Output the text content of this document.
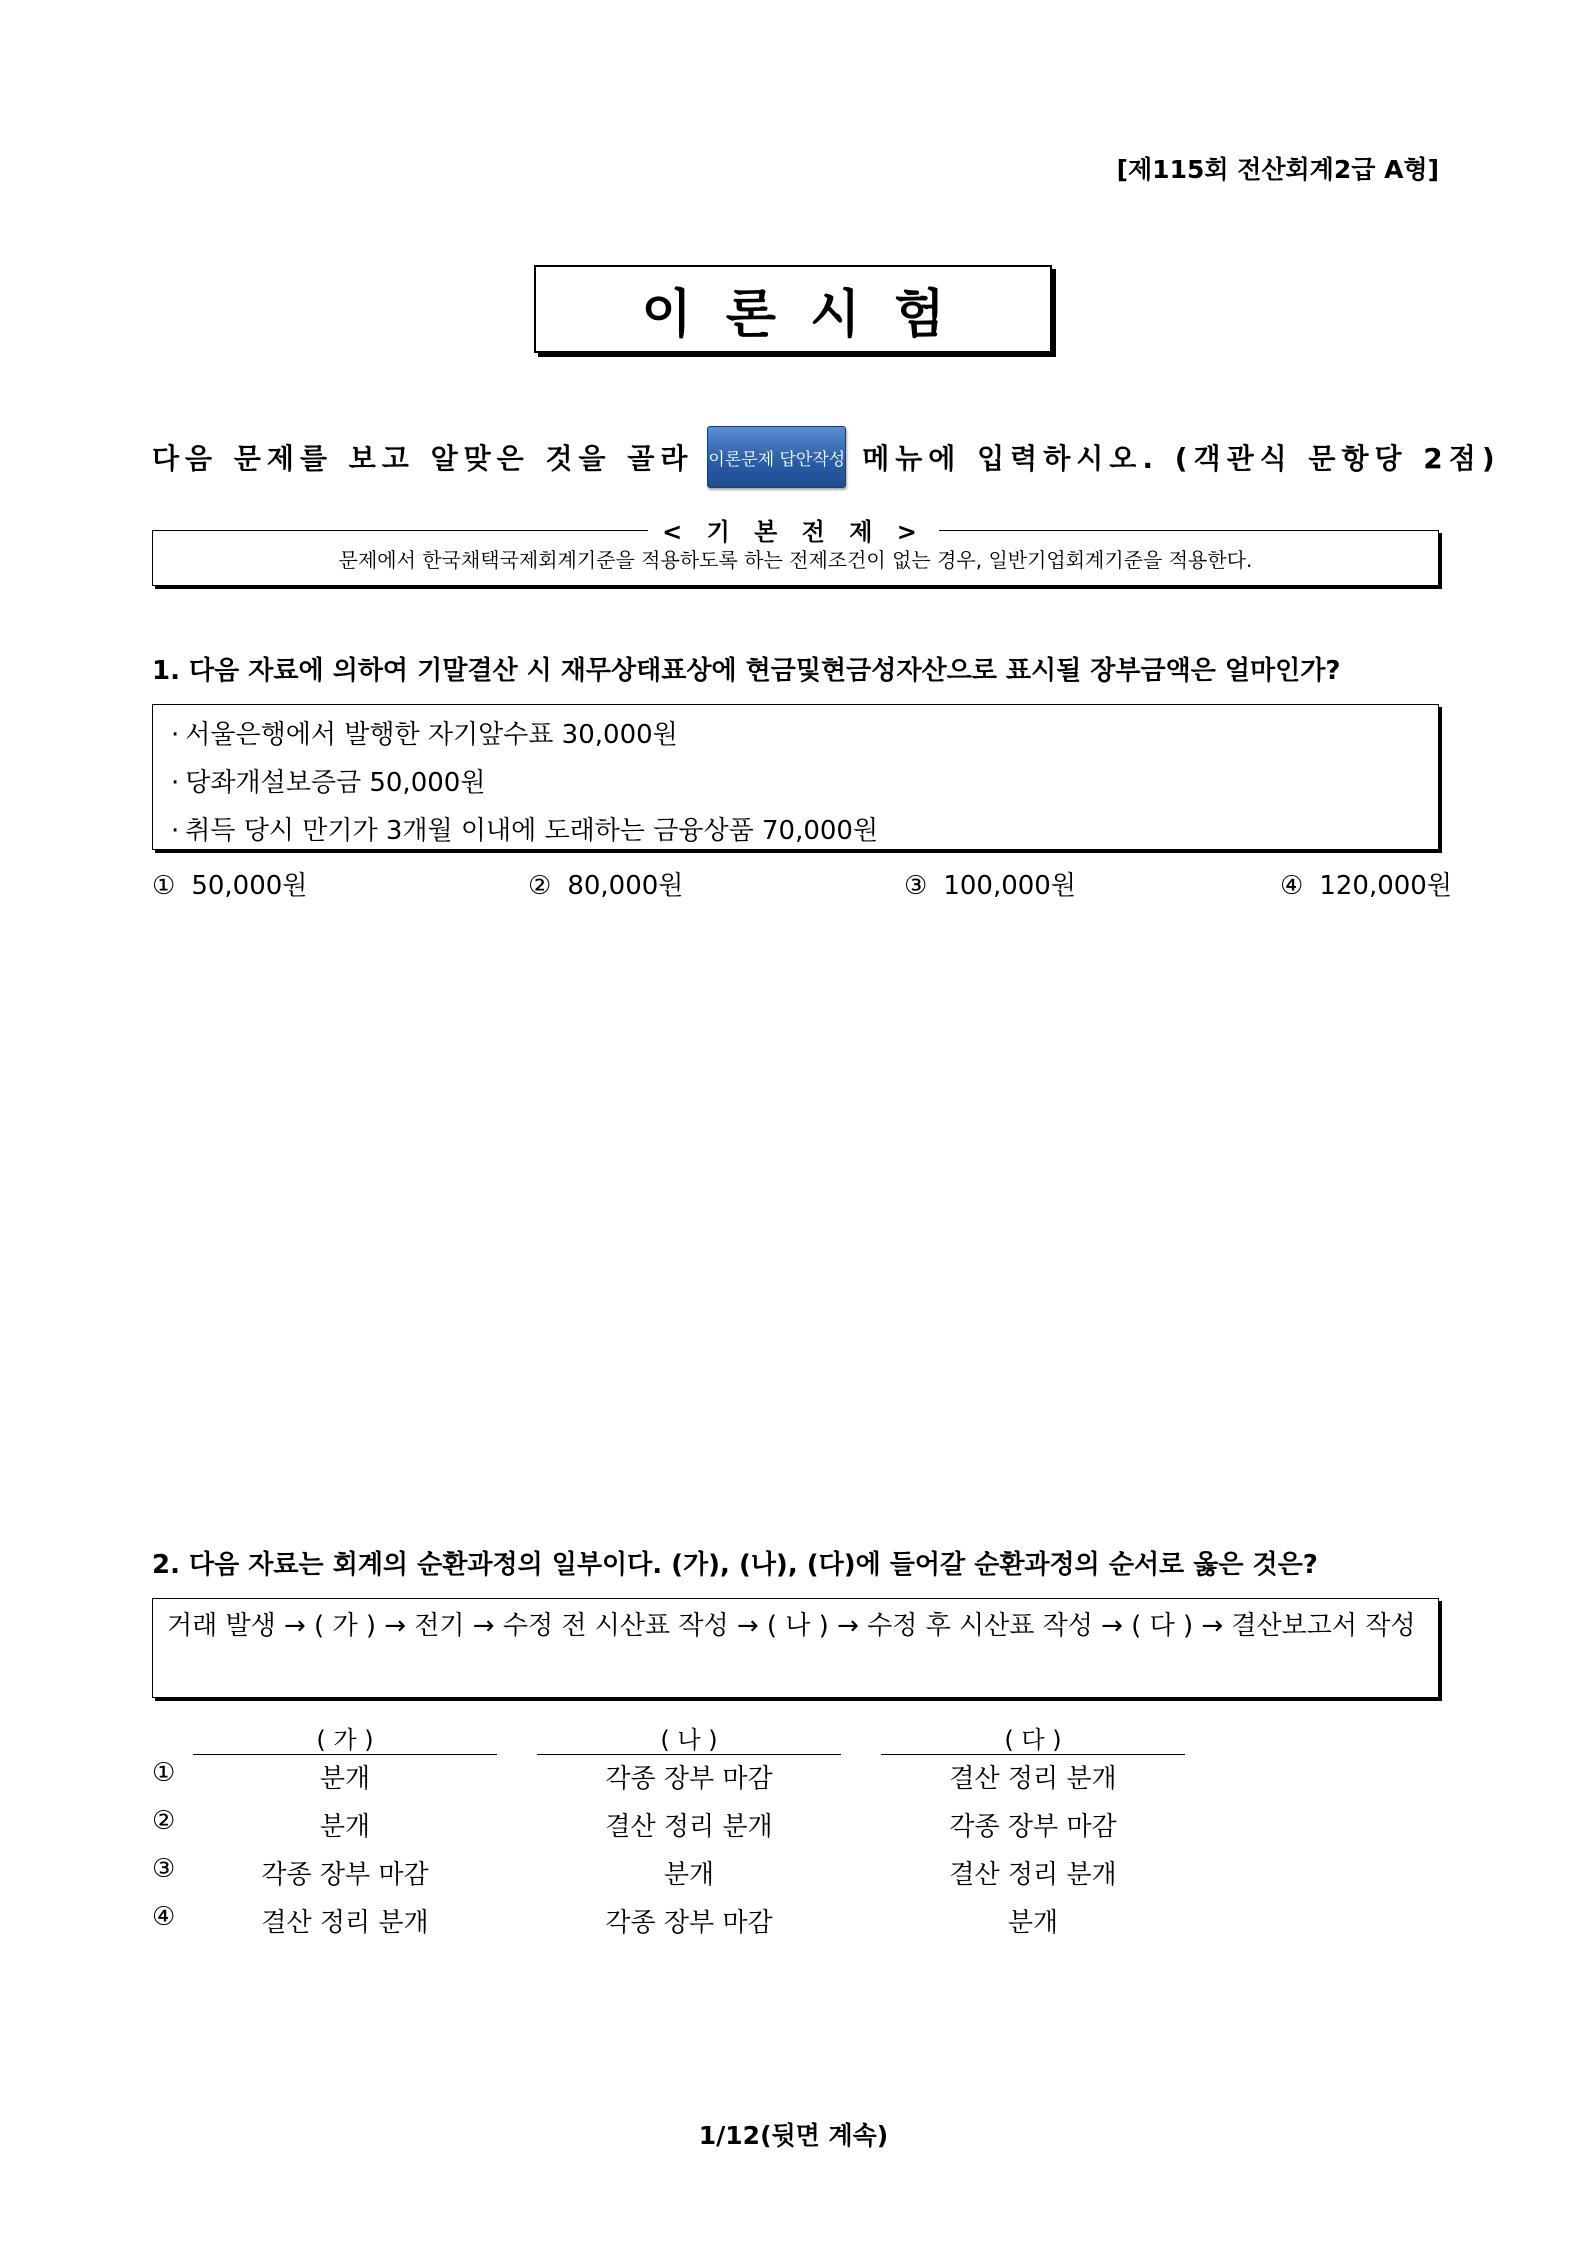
[제115회 전산회계2급 A형]
이론시험
다음 문제를 보고 알맞은 것을 골라 이론문제 답안작성 메뉴에 입력하시오. (객관식 문항당 2점)
문제에서 한국채택국제회계기준을 적용하도록 하는 전제조건이 없는 경우, 일반기업회계기준을 적용한다.
< 기 본 전 제 >
1. 다음 자료에 의하여 기말결산 시 재무상태표상에 현금및현금성자산으로 표시될 장부금액은 얼마인가?
· 서울은행에서 발행한 자기앞수표 30,000원
· 당좌개설보증금 50,000원
· 취득 당시 만기가 3개월 이내에 도래하는 금융상품 70,000원
① 50,000원	② 80,000원	③ 100,000원	④ 120,000원
2. 다음 자료는 회계의 순환과정의 일부이다. (가), (나), (다)에 들어갈 순환과정의 순서로 옳은 것은?
거래 발생 → ( 가 ) → 전기 → 수정 전 시산표 작성 → ( 나 ) → 수정 후 시산표 작성 → ( 다 ) → 결산보고서 작성
( 가 )	( 나 )	( 다 )
①	분개	각종 장부 마감	결산 정리 분개
②	분개	결산 정리 분개	각종 장부 마감
③	각종 장부 마감	분개	결산 정리 분개
④	결산 정리 분개	각종 장부 마감	분개
1/12(뒷면 계속)
